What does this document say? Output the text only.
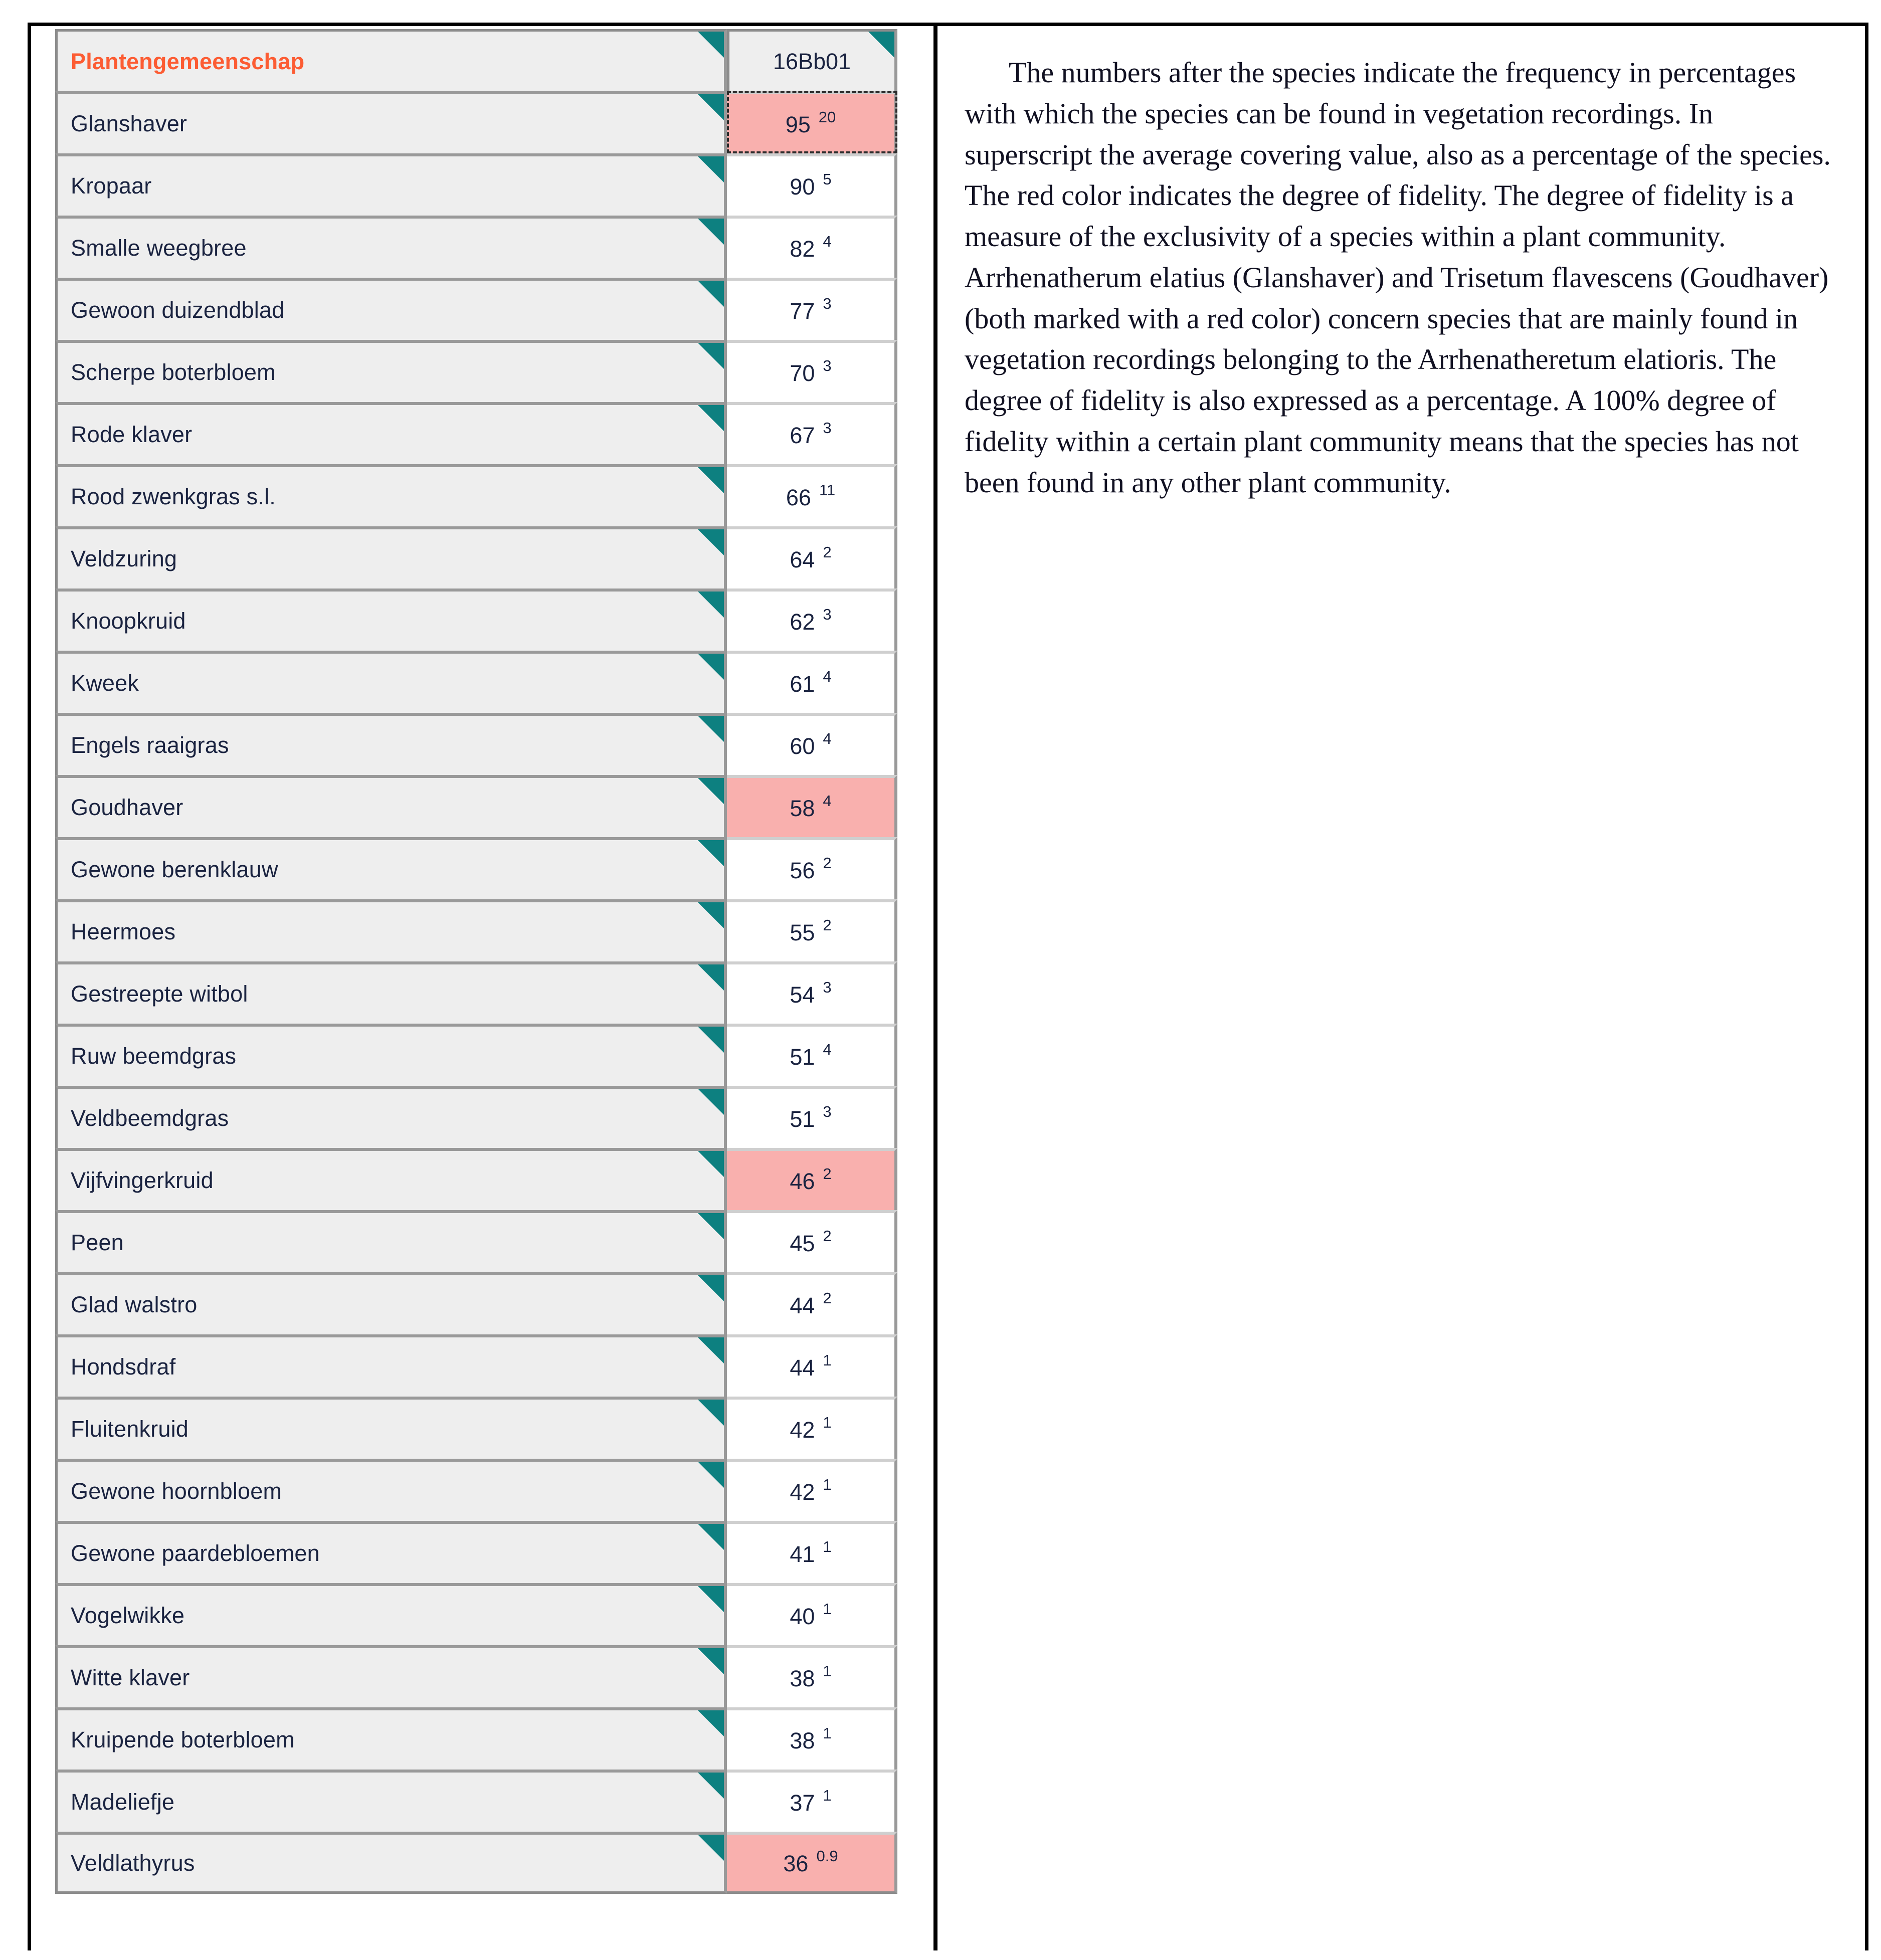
Plantengemeenschap	16Bb01

Glanshaver	95 $^{20}$
Kropaar	90 $^5$
Smalle weegbree	82 $^4$
Gewoon duizendblad	77 $^3$
Scherpe boterbloem	70 $^3$
Rode klaver	67 $^3$
Rood zwenkgras s.l.	66 $^{11}$
Veldzuring	64 $^2$
Knoopkruid	62 $^3$
Kweek	61 $^4$
Engels raaigras	60 $^4$
Goudhaver	58 $^4$
Gewone berenklauw	56 $^2$
Heermoes	55 $^2$
Gestreepte witbol	54 $^3$
Ruw beemdgras	51 $^4$
Veldbeemdgras	51 $^3$
Vijfvingerkruid	46 $^2$
Peen	45 $^2$
Glad walstro	44 $^2$
Hondsdraf	44 $^1$
Fluitenkruid	42 $^1$
Gewone hoornbloem	42 $^1$
Gewone paardebloemen	41 $^1$
Vogelwikke	40 $^1$
Witte klaver	38 $^1$
Kruipende boterbloem	38 $^1$
Madeliefje	37 $^1$
Veldlathyrus	36 $^{0.9}$

The numbers after the species indicate the frequency in percentages with which the species can be found in vegetation recordings. In superscript the average covering value, also as a percentage of the species. The red color indicates the degree of fidelity. The degree of fidelity is a measure of the exclusivity of a species within a plant community. Arrhenatherum elatius (Glanshaver) and Trisetum flavescens (Goudhaver) (both marked with a red color) concern species that are mainly found in vegetation recordings belonging to the Arrhenatheretum elatioris. The degree of fidelity is also expressed as a percentage. A 100% degree of fidelity within a certain plant community means that the species has not been found in any other plant community.
